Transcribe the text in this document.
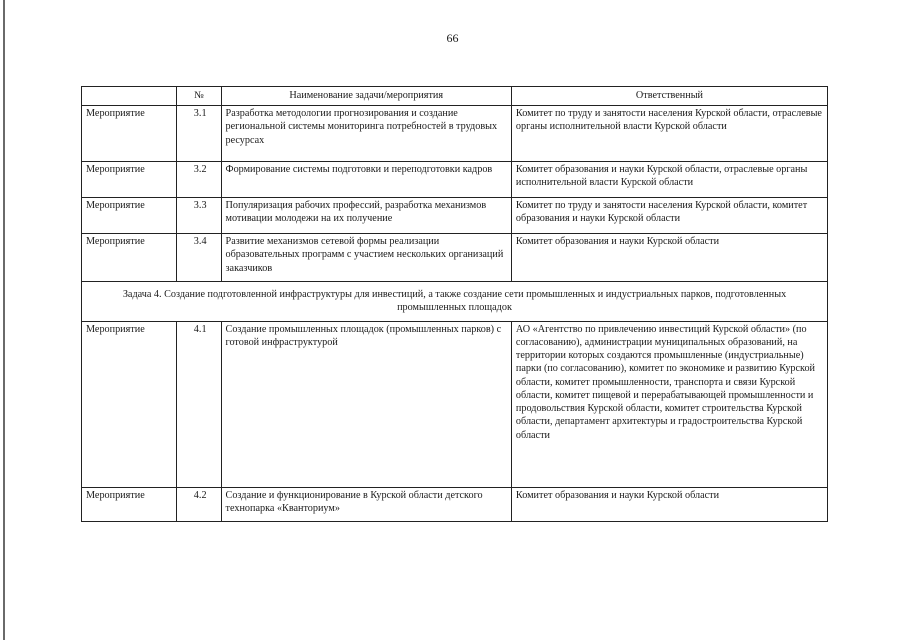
66
	№	Наименование задачи/мероприятия	Ответственный
Мероприятие	3.1	Разработка методологии прогнозирования и создание региональной системы мониторинга потребностей в трудовых ресурсах	Комитет по труду и занятости населения Курской области, отраслевые органы исполнительной власти Курской области
Мероприятие	3.2	Формирование системы подготовки и переподготовки кадров	Комитет образования и науки Курской области, отраслевые органы исполнительной власти Курской области
Мероприятие	3.3	Популяризация рабочих профессий, разработка механизмов мотивации молодежи на их получение	Комитет по труду и занятости населения Курской области, комитет образования и науки Курской области
Мероприятие	3.4	Развитие механизмов сетевой формы реализации образовательных программ с участием нескольких организаций заказчиков	Комитет образования и науки Курской области
Задача 4. Создание подготовленной инфраструктуры для инвестиций, а также создание сети промышленных и индустриальных парков, подготовленных промышленных площадок			
Мероприятие	4.1	Создание промышленных площадок (промышленных парков) с готовой инфраструктурой	АО «Агентство по привлечению инвестиций Курской области» (по согласованию), администрации муниципальных образований, на территории которых создаются промышленные (индустриальные) парки (по согласованию), комитет по экономике и развитию Курской области, комитет промышленности, транспорта и связи Курской области, комитет пищевой и перерабатывающей промышленности и продовольствия Курской области, комитет строительства Курской области, департамент архитектуры и градостроительства Курской области
Мероприятие	4.2	Создание и функционирование в Курской области детского технопарка «Кванториум»	Комитет образования и науки Курской области
